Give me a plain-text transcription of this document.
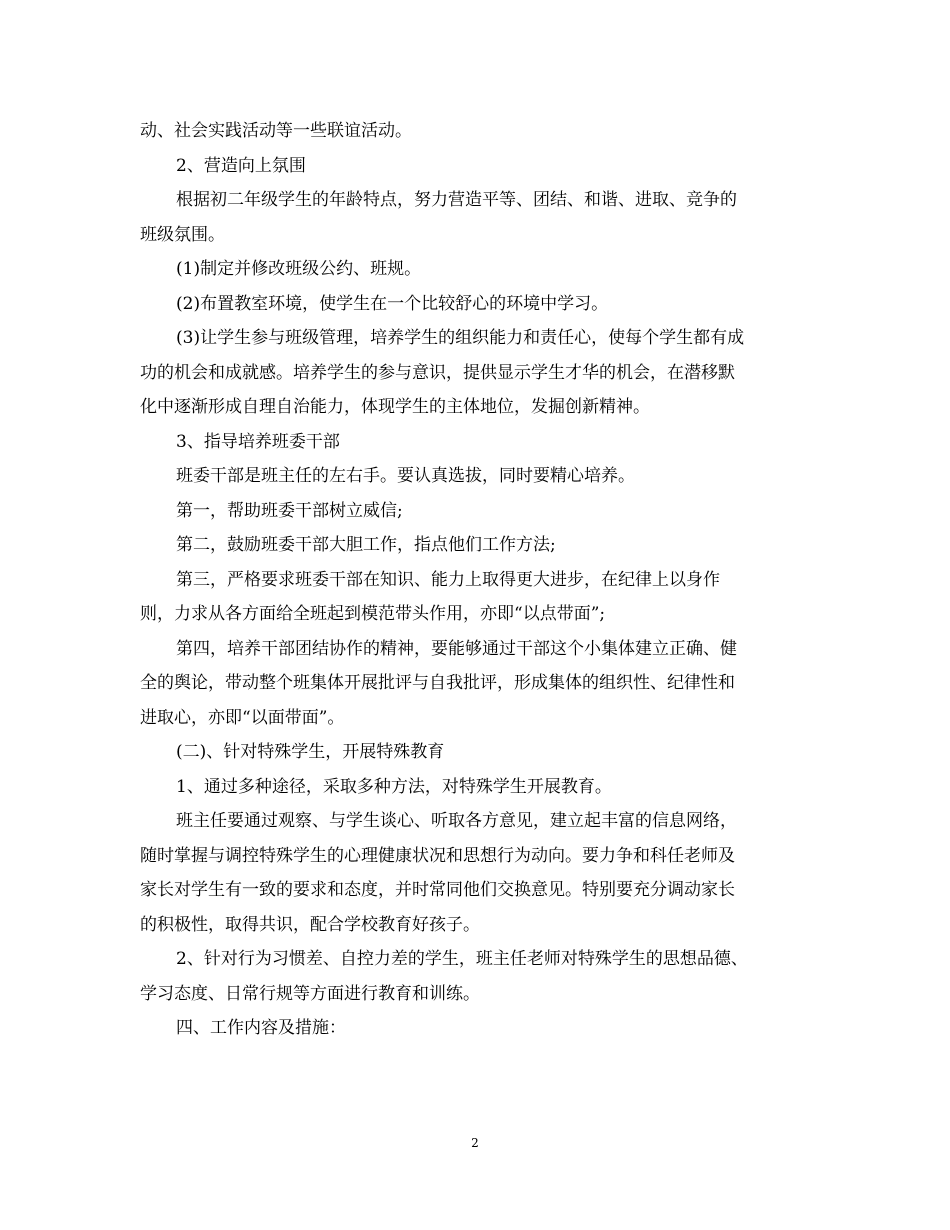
动、社会实践活动等一些联谊活动。
2、营造向上氛围
根据初二年级学生的年龄特点，努力营造平等、团结、和谐、进取、竞争的
班级氛围。
(1)制定并修改班级公约、班规。
(2)布置教室环境，使学生在一个比较舒心的环境中学习。
(3)让学生参与班级管理，培养学生的组织能力和责任心，使每个学生都有成
功的机会和成就感。培养学生的参与意识，提供显示学生才华的机会，在潜移默
化中逐渐形成自理自治能力，体现学生的主体地位，发掘创新精神。
3、指导培养班委干部
班委干部是班主任的左右手。要认真选拔，同时要精心培养。
第一，帮助班委干部树立威信;
第二，鼓励班委干部大胆工作，指点他们工作方法;
第三，严格要求班委干部在知识、能力上取得更大进步，在纪律上以身作
则，力求从各方面给全班起到模范带头作用，亦即“以点带面”;
第四，培养干部团结协作的精神，要能够通过干部这个小集体建立正确、健
全的舆论，带动整个班集体开展批评与自我批评，形成集体的组织性、纪律性和
进取心，亦即“以面带面”。
(二)、针对特殊学生，开展特殊教育
1、通过多种途径，采取多种方法，对特殊学生开展教育。
班主任要通过观察、与学生谈心、听取各方意见，建立起丰富的信息网络，
随时掌握与调控特殊学生的心理健康状况和思想行为动向。要力争和科任老师及
家长对学生有一致的要求和态度，并时常同他们交换意见。特别要充分调动家长
的积极性，取得共识，配合学校教育好孩子。
2、针对行为习惯差、自控力差的学生，班主任老师对特殊学生的思想品德、
学习态度、日常行规等方面进行教育和训练。
四、工作内容及措施：
2
